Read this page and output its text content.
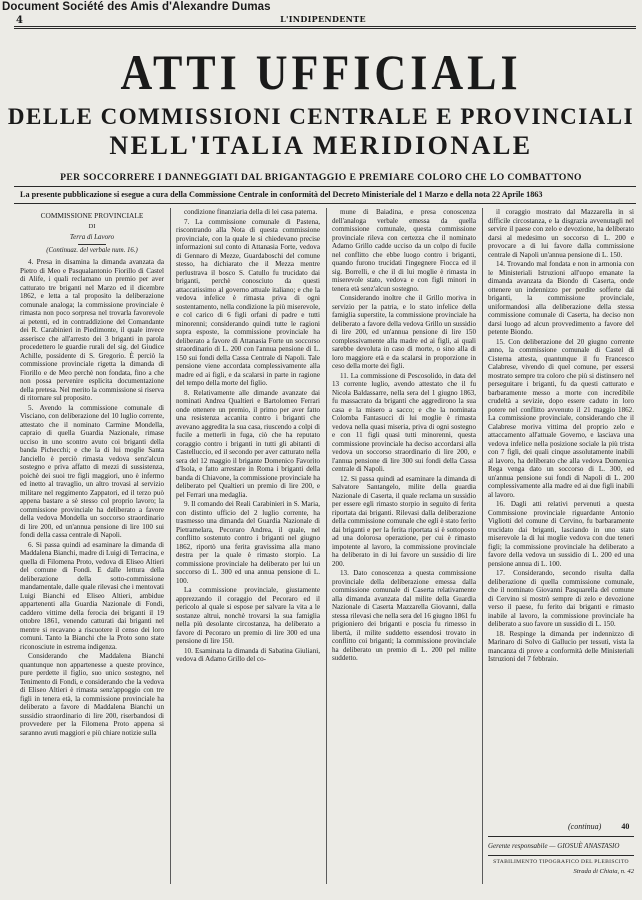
Document Société des Amis d'Alexandre Dumas
4	L'INDIPENDENTE
ATTI UFFICIALI
DELLE COMMISSIONI CENTRALE E PROVINCIALI
NELL'ITALIA MERIDIONALE
PER SOCCORRERE I DANNEGGIATI DAL BRIGANTAGGIO E PREMIARE COLORO CHE LO COMBATTONO
La presente pubblicazione si esegue a cura della Commissione Centrale in conformità del Decreto Ministeriale del 1 Marzo e della nota 22 Aprile 1863

COMMISSIONE PROVINCIALE

DI

Terra di Lavoro

(Continuaz. del verbale num. 16.)

4. Presa in disamina la dimanda avanzata da Pietro di Meo e Pasqualantonio Fiorillo di Castel di Alife, i quali reclamano un premio per aver catturato tre briganti nel Marzo ed il dicembre 1862, e letta a tal proposito la deliberazione comunale analoga; la commissione provinciale è rimasta non poco sorpresa nel trovarla favorevole ai petenti, ed in contraddizione del Comandante dei R. Carabinieri in Piedimonte, il quale invece asserisce che all'arresto dei 3 briganti in parola procedettero le guardie rurali del sig. del Giudice Achille, possidente di S. Gregorio. È perciò la commissione provinciale rigetta la dimanda di Fiorillo e de Meo perchè non fondata, fino a che non possa pervenire esplicita documentazione della pretesa. Nel merito la commissione si riserva di ritornare sul proposito.

5. Avendo la commissione comunale di Visciano, con deliberazione del 10 luglio corrente, attestato che il nominato Carmine Mondella, capraio di quella Guardia Nazionale, rimase ucciso in uno scontro avuto coi briganti della banda Pichecchi; e che la di lui moglie Santa Janciello è perciò rimasta vedova senz'alcun sostegno e priva affatto di mezzi di sussistenza, poichè dei suoi tre figli maggiori, uno è infermo ed inetto al travaglio, un altro trovasi al servizio militare nel reggimento Zappatori, ed il terzo può appena bastare a sè stesso col proprio lavoro; la commissione provinciale ha deliberato a favore della vedova Mondella un soccorso straordinario di lire 200, ed un'annua pensione di lire 100 sui fondi della cassa centrale di Napoli.

6. Si passa quindi ad esaminare la dimanda di Maddalena Bianchi, madre di Luigi di Terracina, e quella di Filomena Proto, vedova di Eliseo Altieri del comune di Fondi. E dalle lettura della deliberazione della sotto-commissione mandamentale, dalle quale rilevasi che i mentovati Luigi Bianchi ed Eliseo Altieri, ambidue appartenenti alla Guardia Nazionale di Fondi, caddero vittime della ferocia dei briganti il 19 ottobre 1861, venendo catturati dai briganti nel mentre si recavano a riscuotere il censo dei loro comuni. Tanto la Bianchi che la Proto sono state riconosciute in estrema indigenza.

Considerando che Maddalena Bianchi quantunque non appartenesse a queste province, pure perdette il figlio, suo unico sostegno, nel Tenimento di Fondi, e considerando che la vedova di Eliseo Altieri è rimasta senz'appoggio con tre figli in tenera età, la commissione provinciale ha deliberato a favore di Maddalena Bianchi un sussidio straordinario di lire 200, riserbandosi di provvedere per la Filomena Proto appena si saranno avuti maggiori e più chiare notizie sulla

condizione finanziaria della di lei casa paterna.

7. La commissione comunale di Pastena, riscontrando alla Nota di questa commissione provinciale, con la quale le si chiedevano precise informazioni sul conto di Attanasia Forte, vedova di Gennaro di Mezze, Guardaboschi del comune stesso, ha dichiarato che il Mezza mentre perlustrava il bosco S. Catullo fu trucidato dai briganti, perchè conosciuto da questi attaccatissimo al governo attuale italiano; e che la vedova infelice è rimasta priva di ogni sostentamento, nella condizione la più miserevole, e col carico di 6 figli orfani di padre e tutti minorenni; considerando quindi tutte le ragioni sopra esposte, la commissione provinciale ha deliberato a favore di Attanasia Forte un soccorso straordinario di L. 200 con l'annua pensione di L. 150 sui fondi della Cassa Centrale di Napoli. Tale pensione viene accordata complessivamente alla madre ed ai figli, e da scalarsi in parte in ragione del tempo della morte del figlio.

8. Relativamente alle dimande avanzate dai nominati Andrea Qualtieri e Bartolomeo Ferrari onde ottenere un premio, il primo per aver fatto una resistenza accanita contro i briganti che avevano aggredita la sua casa, riuscendo a colpi di fucile a metterli in fuga, ciò che ha reputato coraggio contro i briganti in tutti gli abitanti di Castelluccio, ed il secondo per aver catturato nella sera del 12 maggio il brigante Domenico Favorito d'Isola, e fatto arrestare in Roma i briganti della banda di Chiavone, la commissione provinciale ha deliberato pel Qualtieri un premio di lire 200, e pel Ferrari una medaglia.

9. Il comando dei Reali Carabinieri in S. Maria, con distinto ufficio del 2 luglio corrente, ha trasmesso una dimanda del Guardia Nazionale di Pietramelara, Pecoraro Andrea, il quale, nel conflitto sostenuto contro i briganti nel giugno 1862, riportò una ferita gravissima alla mano destra per la quale è rimasto storpio. La commissione provinciale ha deliberato per lui un soccorso di L. 300 ed una annua pensione di L. 100.

La commissione provinciale, giustamente apprezzando il coraggio del Pecoraro ed il pericolo al quale si espose per salvare la vita a le sostanze altrui, nonchè trovarsi la sua famiglia nella più desolante circostanza, ha deliberato a favore di Pecoraro un premio di lire 300 ed una pensione di lire 150.

10. Esaminata la dimanda di Sabatina Giuliani, vedova di Adamo Grillo del co-

mune di Baiadina, e presa conoscenza dell'analoga verbale emessa da quella commissione comunale, questa commissione provinciale rileva con certezza che il nominato Adamo Grillo cadde ucciso da un colpo di fucile nel conflitto che ebbe luogo contro i briganti, quando furono trucidati l'ingegnere Fiocca ed il sig. Borrelli, e che il di lui moglie è rimasta in miserevole stato, vedova e con figli minori in tenera età senz'alcun sostegno.

Considerando inoltre che il Grillo moriva in servizio per la patria, e lo stato infelice della famiglia superstite, la commissione provinciale ha deliberato a favore della vedova Grillo un sussidio di lire 200, ed un'annua pensione di lire 150 complessivamente alla madre ed ai figli, ai quali sarebbe devoluta in caso di morte, o sino alla di loro maggiore età e da scalarsi in proporzione in ceso della morte dei figli.

11. La commissione di Pescosolido, in data del 13 corrente luglio, avendo attestato che il fu Nicola Baldassarre, nella sera del 1 giugno 1863, fu massacrato da briganti che aggredirono la sua casa e la misero a sacco; e che la nominata Colomba Fantasucci di lui moglie è rimasta vedova nella quasi miseria, priva di ogni sostegno e con 11 figli quasi tutti minorenni, questa commissione provinciale ha deciso accordarsi alla vedova un soccorso straordinario di lire 200, e l'annua pensione di lire 300 sui fondi della Cassa centrale di Napoli.

12. Si passa quindi ad esaminare la dimanda di Salvatore Santangelo, milite della guardia Nazionale di Caserta, il quale reclama un sussidio per essere egli rimasto storpio in seguito di ferita riportata dai briganti. Rilevasi dalla deliberazione della commissione comunale che egli è stato ferito dai briganti e per la ferita riportata si è sottoposto ad una dolorosa operazione, per cui è rimasto impotente al lavoro, la commissione provinciale ha deliberato in di lui favore un sussidio di lire 200.

13. Dato conoscenza a questa commissione provinciale della deliberazione emessa dalla commissione comunale di Caserta relativamente alla dimanda avanzata dal milite della Guardia Nazionale di Caserta Mazzarella Giovanni, dalla stessa rilevasi che nella sera del 16 giugno 1861 fu prigioniero dei briganti e poscia fu rimesso in libertà, il milite suddetto essendosi trovato in conflitto coi briganti; la commissione provinciale ha deliberato un premio di L. 200 pel milite suddetto.

il coraggio mostrato dal Mazzarella in sì difficile circostanza, e la disgrazia avvenutagli nel servire il paese con zelo e devozione, ha deliberato darsi al medesimo un soccorso di L. 200 e provocare a di lui favore dalla commissione centrale di Napoli un'annua pensione di L. 150.

14. Trovando mal fondata e non in armonia con le Ministeriali Istruzioni all'uopo emanate la dimanda avanzata da Biondo di Caserta, onde ottenere un indennizzo per perdite sofferte dai briganti, la commissione provinciale, uniformandosi alla deliberazione della stessa commissione comunale di Caserta, ha deciso non darsi luogo ad alcun provvedimento a favore del petente Biondo.

15. Con deliberazione del 20 giugno corrente anno, la commissione comunale di Castel di Cisterna attesta, quantunque il fu Francesco Calabrese, vivendo di quel comune, per essersi mostrato sempre tra coloro che più si distinsero nel perseguitare i briganti, fu da questi catturato e barbaramente messo a morte con incredibile crudeltà a sevizie, dopo essere caduto in loro potere nel conflitto avvenuto il 21 maggio 1862. La commissione provinciale, considerando che il Calabrese moriva vittima del proprio zelo e attaccamento all'attuale Governo, e lasciava una vedova infelice nella posizione sociale la più trista con 7 figli, dei quali cinque assolutamente inabili al lavoro, ha deliberato che alla vedova Domenica Rega venga dato un soccorso di L. 300, ed un'annua pensione sui fondi di Napoli di L. 200 complessivamente alla madre ed ai due figli inabili al lavoro.

16. Dagli atti relativi pervenuti a questa Commissione provinciale riguardante Antonio Vigliotti del comune di Cervino, fu barbaramente trucidato dai briganti, lasciando in uno stato miserevole la di lui moglie vedova con due teneri figli; la commissione provinciale ha deliberato a favore della vedova un sussidio di L. 200 ed una pensione annua di L. 100.

17. Considerando, secondo risulta dalla deliberazione di quella commissione comunale, che il nominato Giovanni Pasquarella del comune di Cervino si mostrò sempre di zelo e devozione verso il paese, fu ferito dai briganti e rimasto inabile al lavoro, la commissione provinciale ha deliberato a suo favore un sussidio di L. 150.

18. Respinge la dimanda per indennizzo di Marinaro di Solvo di Gallucio per tessuti, vista la mancanza di prove a conformità delle Ministeriali Istruzioni del 7 febbraio.

(continua)	40
Gerente responsabile — GIOSUÈ ANASTASIO
STABILIMENTO TIPOGRAFICO DEL PLEBISCITO
Strada di Chiaia, n. 42
